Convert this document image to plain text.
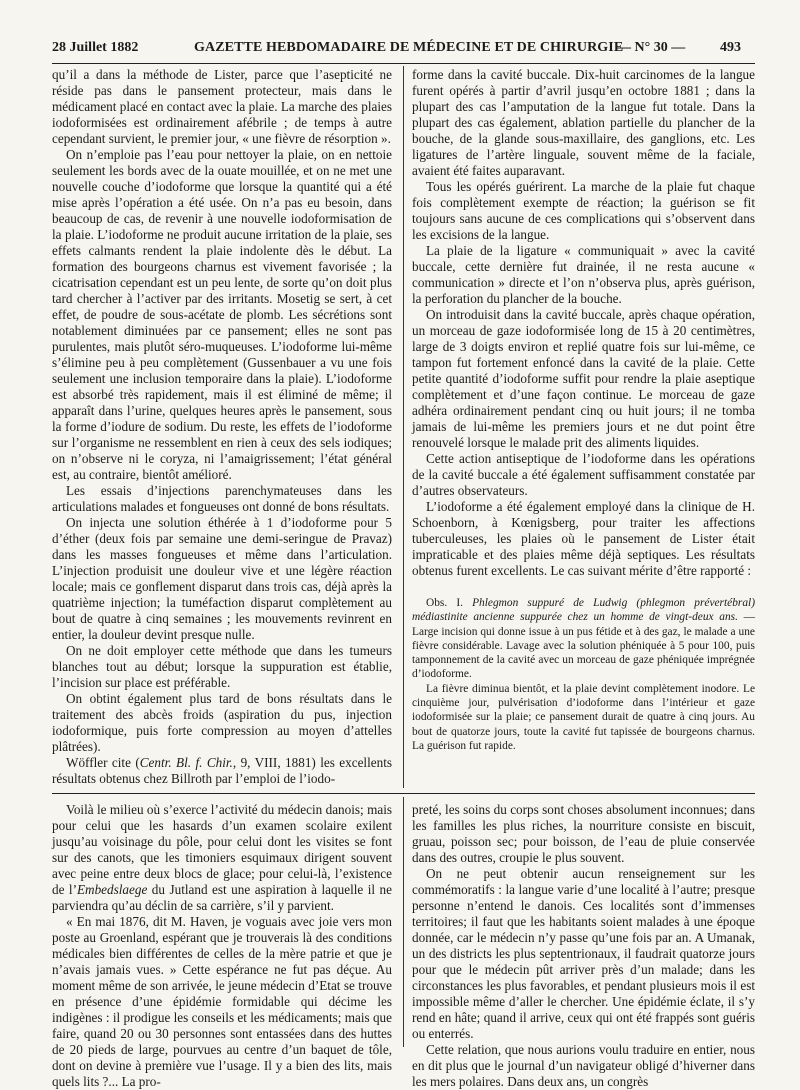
28 Juillet 1882	GAZETTE HEBDOMADAIRE DE MÉDECINE ET DE CHIRURGIE
— N° 30 — 493

qu’il a dans la méthode de Lister, parce que l’asepticité ne réside pas dans le pansement protecteur, mais dans le médicament placé en contact avec la plaie. La marche des plaies iodoformisées est ordinairement afébrile ; de temps à autre cependant survient, le premier jour, « une fièvre de résorption ».

On n’emploie pas l’eau pour nettoyer la plaie, on en nettoie seulement les bords avec de la ouate mouillée, et on ne met une nouvelle couche d’iodoforme que lorsque la quantité qui a été mise après l’opération a été usée. On n’a pas eu besoin, dans beaucoup de cas, de revenir à une nouvelle iodoformisation de la plaie. L’iodoforme ne produit aucune irritation de la plaie, ses effets calmants rendent la plaie indolente dès le début. La formation des bourgeons charnus est vivement favorisée ; la cicatrisation cependant est un peu lente, de sorte qu’on doit plus tard chercher à l’activer par des irritants. Mosetig se sert, à cet effet, de poudre de sous-acétate de plomb. Les sécrétions sont notablement diminuées par ce pansement; elles ne sont pas purulentes, mais plutôt séro-muqueuses. L’iodoforme lui-même s’élimine peu à peu complètement (Gussenbauer a vu une fois seulement une inclusion temporaire dans la plaie). L’iodoforme est absorbé très rapidement, mais il est éliminé de même; il apparaît dans l’urine, quelques heures après le pansement, sous la forme d’iodure de sodium. Du reste, les effets de l’iodoforme sur l’organisme ne ressemblent en rien à ceux des sels iodiques; on n’observe ni le coryza, ni l’amaigrissement; l’état général est, au contraire, bientôt amélioré.

Les essais d’injections parenchymateuses dans les articulations malades et fongueuses ont donné de bons résultats.

On injecta une solution éthérée à 1 d’iodoforme pour 5 d’éther (deux fois par semaine une demi-seringue de Pravaz) dans les masses fongueuses et même dans l’articulation. L’injection produisit une douleur vive et une légère réaction locale; mais ce gonflement disparut dans trois cas, déjà après la quatrième injection; la tuméfaction disparut complètement au bout de quatre à cinq semaines ; les mouvements revinrent en entier, la douleur devint presque nulle.

On ne doit employer cette méthode que dans les tumeurs blanches tout au début; lorsque la suppuration est établie, l’incision sur place est préférable.

On obtint également plus tard de bons résultats dans le traitement des abcès froids (aspiration du pus, injection iodoformique, puis forte compression au moyen d’attelles plâtrées).

Wöffler cite (Centr. Bl. f. Chir., 9, VIII, 1881) les excellents résultats obtenus chez Billroth par l’emploi de l’iodo-

forme dans la cavité buccale. Dix-huit carcinomes de la langue furent opérés à partir d’avril jusqu’en octobre 1881 ; dans la plupart des cas l’amputation de la langue fut totale. Dans la plupart des cas également, ablation partielle du plancher de la bouche, de la glande sous-maxillaire, des ganglions, etc. Les ligatures de l’artère linguale, souvent même de la faciale, avaient été faites auparavant.

Tous les opérés guérirent. La marche de la plaie fut chaque fois complètement exempte de réaction; la guérison se fit toujours sans aucune de ces complications qui s’observent dans les excisions de la langue.

La plaie de la ligature « communiquait » avec la cavité buccale, cette dernière fut drainée, il ne resta aucune « communication » directe et l’on n’observa plus, après guérison, la perforation du plancher de la bouche.

On introduisit dans la cavité buccale, après chaque opération, un morceau de gaze iodoformisée long de 15 à 20 centimètres, large de 3 doigts environ et replié quatre fois sur lui-même, ce tampon fut fortement enfoncé dans la cavité de la plaie. Cette petite quantité d’iodoforme suffit pour rendre la plaie aseptique complètement et d’une façon continue. Le morceau de gaze adhéra ordinairement pendant cinq ou huit jours; il ne tomba jamais de lui-même les premiers jours et ne dut point être renouvelé lorsque le malade prit des aliments liquides.

Cette action antiseptique de l’iodoforme dans les opérations de la cavité buccale a été également suffisamment constatée par d’autres observateurs.

L’iodoforme a été également employé dans la clinique de H. Schoenborn, à Kœnigsberg, pour traiter les affections tuberculeuses, les plaies où le pansement de Lister était impraticable et des plaies même déjà septiques. Les résultats obtenus furent excellents. Le cas suivant mérite d’être rapporté :

Obs. I. Phlegmon suppuré de Ludwig (phlegmon prévertébral) médiastinite ancienne suppurée chez un homme de vingt-deux ans. — Large incision qui donne issue à un pus fétide et à des gaz, le malade a une fièvre considérable. Lavage avec la solution phéniquée à 5 pour 100, puis tamponnement de la cavité avec un morceau de gaze phéniquée imprégnée d’iodoforme.

La fièvre diminua bientôt, et la plaie devint complètement inodore. Le cinquième jour, pulvérisation d’iodoforme dans l’intérieur et gaze iodoformisée sur la plaie; ce pansement durait de quatre à cinq jours. Au bout de quatorze jours, toute la cavité fut tapissée de bourgeons charnus. La guérison fut rapide.

Voilà le milieu où s’exerce l’activité du médecin danois; mais pour celui que les hasards d’un examen scolaire exilent jusqu’au voisinage du pôle, pour celui dont les visites se font sur des canots, que les timoniers esquimaux dirigent souvent avec peine entre deux blocs de glace; pour celui-là, l’existence de l’Embedslaege du Jutland est une aspiration à laquelle il ne parviendra qu’au déclin de sa carrière, s’il y parvient.

« En mai 1876, dit M. Haven, je voguais avec joie vers mon poste au Groenland, espérant que je trouverais là des conditions médicales bien différentes de celles de la mère patrie et que je n’avais jamais vues. » Cette espérance ne fut pas déçue. Au moment même de son arrivée, le jeune médecin d’Etat se trouve en présence d’une épidémie formidable qui décime les indigènes : il prodigue les conseils et les médicaments; mais que faire, quand 20 ou 30 personnes sont entassées dans des huttes de 20 pieds de large, pourvues au centre d’un baquet de tôle, dont on devine à première vue l’usage. Il y a bien des lits, mais quels lits ?... La pro-

preté, les soins du corps sont choses absolument inconnues; dans les familles les plus riches, la nourriture consiste en biscuit, gruau, poisson sec; pour boisson, de l’eau de pluie conservée dans des outres, croupie le plus souvent.

On ne peut obtenir aucun renseignement sur les commémoratifs : la langue varie d’une localité à l’autre; presque personne n’entend le danois. Ces localités sont d’immenses territoires; il faut que les habitants soient malades à une époque donnée, car le médecin n’y passe qu’une fois par an. A Umanak, un des districts les plus septentrionaux, il faudrait quatorze jours pour que le médecin pût arriver près d’un malade; dans les circonstances les plus favorables, et pendant plusieurs mois il est impossible même d’aller le chercher. Une épidémie éclate, il s’y rend en hâte; quand il arrive, ceux qui ont été frappés sont guéris ou enterrés.

Cette relation, que nous aurions voulu traduire en entier, nous en dit plus que le journal d’un navigateur obligé d’hiverner dans les mers polaires. Dans deux ans, un congrès
